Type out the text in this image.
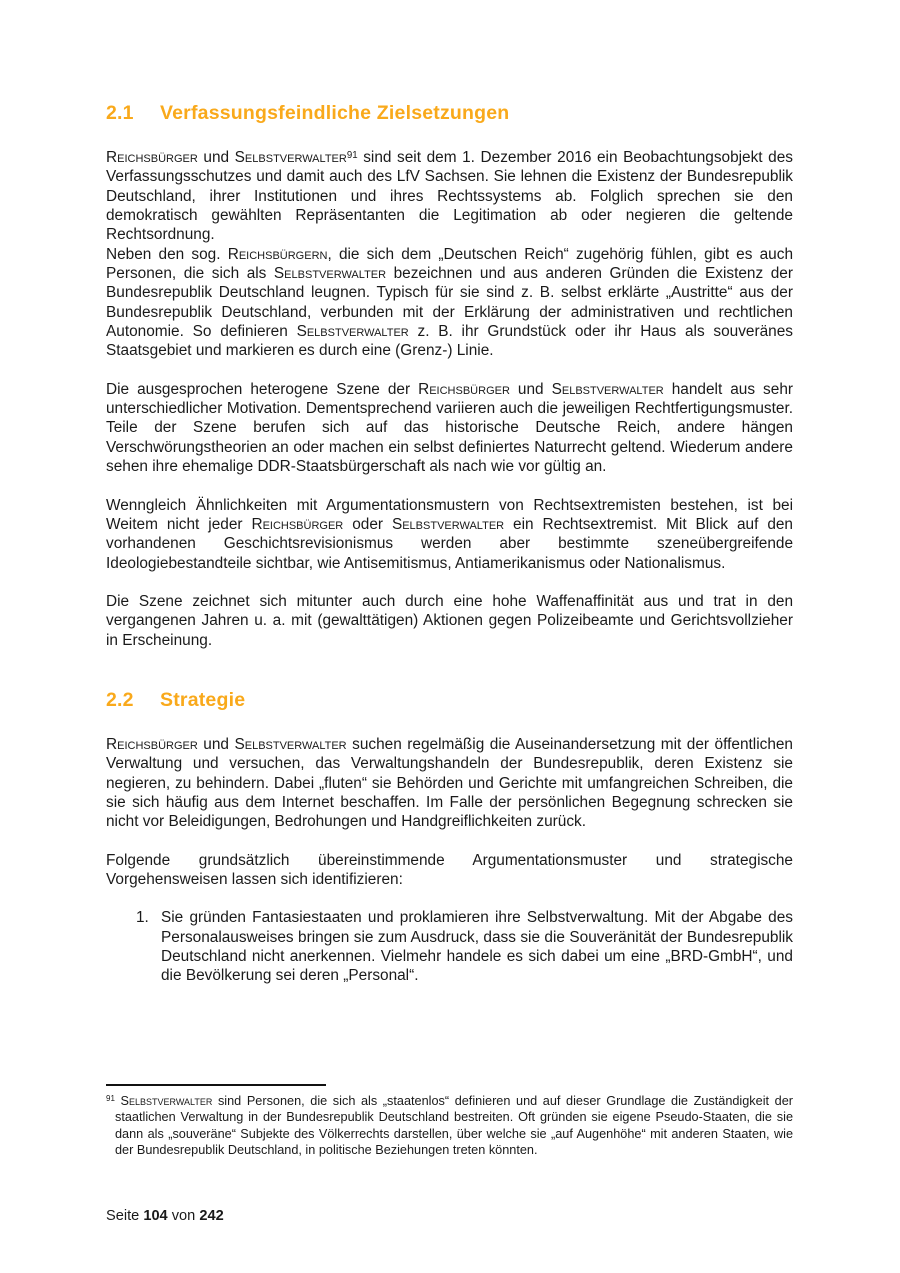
2.1 Verfassungsfeindliche Zielsetzungen

Reichsbürger und Selbstverwalter$^{91}$ sind seit dem 1. Dezember 2016 ein Beobachtungsobjekt des Verfassungsschutzes und damit auch des LfV Sachsen. Sie lehnen die Existenz der Bundesrepublik Deutschland, ihrer Institutionen und ihres Rechtssystems ab. Folglich sprechen sie den demokratisch gewählten Repräsentanten die Legitimation ab oder negieren die geltende Rechtsordnung.

Neben den sog. Reichsbürgern, die sich dem „Deutschen Reich“ zugehörig fühlen, gibt es auch Personen, die sich als Selbstverwalter bezeichnen und aus anderen Gründen die Existenz der Bundesrepublik Deutschland leugnen. Typisch für sie sind z. B. selbst erklärte „Austritte“ aus der Bundesrepublik Deutschland, verbunden mit der Erklärung der administrativen und rechtlichen Autonomie. So definieren Selbstverwalter z. B. ihr Grundstück oder ihr Haus als souveränes Staatsgebiet und markieren es durch eine (Grenz-) Linie.

Die ausgesprochen heterogene Szene der Reichsbürger und Selbstverwalter handelt aus sehr unterschiedlicher Motivation. Dementsprechend variieren auch die jeweiligen Rechtfertigungsmuster. Teile der Szene berufen sich auf das historische Deutsche Reich, andere hängen Verschwörungstheorien an oder machen ein selbst definiertes Naturrecht geltend. Wiederum andere sehen ihre ehemalige DDR-Staatsbürgerschaft als nach wie vor gültig an.

Wenngleich Ähnlichkeiten mit Argumentationsmustern von Rechtsextremisten bestehen, ist bei Weitem nicht jeder Reichsbürger oder Selbstverwalter ein Rechtsextremist. Mit Blick auf den vorhandenen Geschichtsrevisionismus werden aber bestimmte szeneübergreifende Ideologiebestandteile sichtbar, wie Antisemitismus, Antiamerikanismus oder Nationalismus.

Die Szene zeichnet sich mitunter auch durch eine hohe Waffenaffinität aus und trat in den vergangenen Jahren u. a. mit (gewalttätigen) Aktionen gegen Polizeibeamte und Gerichtsvollzieher in Erscheinung.

2.2 Strategie

Reichsbürger und Selbstverwalter suchen regelmäßig die Auseinandersetzung mit der öffentlichen Verwaltung und versuchen, das Verwaltungshandeln der Bundesrepublik, deren Existenz sie negieren, zu behindern. Dabei „fluten“ sie Behörden und Gerichte mit umfangreichen Schreiben, die sie sich häufig aus dem Internet beschaffen. Im Falle der persönlichen Begegnung schrecken sie nicht vor Beleidigungen, Bedrohungen und Handgreiflichkeiten zurück.

Folgende grundsätzlich übereinstimmende Argumentationsmuster und strategische Vorgehensweisen lassen sich identifizieren:

1. Sie gründen Fantasiestaaten und proklamieren ihre Selbstverwaltung. Mit der Abgabe des Personalausweises bringen sie zum Ausdruck, dass sie die Souveränität der Bundesrepublik Deutschland nicht anerkennen. Vielmehr handele es sich dabei um eine „BRD-GmbH“, und die Bevölkerung sei deren „Personal“.

$^{91}$ Selbstverwalter sind Personen, die sich als „staatenlos“ definieren und auf dieser Grundlage die Zuständigkeit der staatlichen Verwaltung in der Bundesrepublik Deutschland bestreiten. Oft gründen sie eigene Pseudo-Staaten, die sie dann als „souveräne“ Subjekte des Völkerrechts darstellen, über welche sie „auf Augenhöhe“ mit anderen Staaten, wie der Bundesrepublik Deutschland, in politische Beziehungen treten könnten.

Seite 104 von 242
